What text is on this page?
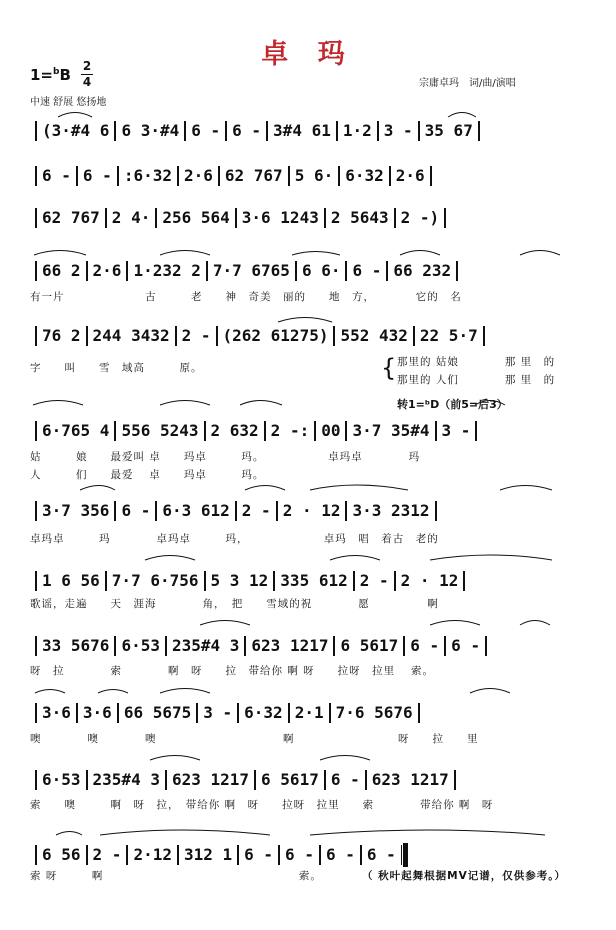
卓 玛
1=$^b$B 2
4
中速 舒展 悠扬地
宗庸卓玛　词/曲/演唱
(3·#4 6 6 3·#4 6 - 6 - 3#4 61 1·2 3 - 35 67
6 - 6 - :6·32 2·6 62 767 5 6· 6·32 2·6
62 767 2 4· 256 564 3·6 1243 2 5643 2 -)
66 2 2·6 1·232 2 7·7 6765 6 6· 6 - 66 232
76 2 244 3432 2 - (262 61275) 552 432 22 5·7
6·765 4 556 5243 2 632 2 -: 00 3·7 35#4 3 -
3·7 356 6 - 6·3 612 2 - 2 · 12 3·3 2312
1 6 56 7·7 6·756 5 3 12 335 612 2 - 2 · 12
33 5676 6·53 235#4 3 623 1217 6 5617 6 - 6 -
3·6 3·6 66 5675 3 - 6·32 2·1 7·6 5676
6·53 235#4 3 623 1217 6 5617 6 - 623 1217
6 56 2 - 2·12 312 1 6 - 6 - 6 - 6 -
有一片　　　　　　　古　　　老　　神　奇美　丽的　　地　方，　　　　它的　名
字　　叫　　雪　域高　　　原。	{ 那里的 姑娘　　　　那 里　的
那里的 人们　　　　那 里　的
转1=ᵇD（前5=后3）
姑　　　娘　　最爱叫 卓　　玛卓　　　玛。　　　　　　卓玛卓　　　　玛
人　　　们　　最爱　 卓　　玛卓　　　玛。
卓玛卓　　　玛　　　　卓玛卓　　　玛，　　　　　　　卓玛　唱　着古　老的
歌谣，走遍　　天　涯海　　　　角，　把　　雪域的祝　　　　愿　　　　　啊
呀　拉　　　　索　　　　啊　呀　　拉　带给你 啊 呀　　拉呀　拉里　 索。
噢　　　　噢　　　　噢　　　　　　　　　　　啊　　　　　　　　　呀　　拉　　里
索　　噢　　　啊　呀　拉，　带给你 啊　呀　　拉呀　拉里　　索　　　　带给你 啊　呀
索 呀　　　啊　　　　　　　　　　　　　　　　　索。	（ 秋叶起舞根据MV记谱，仅供参考。）
